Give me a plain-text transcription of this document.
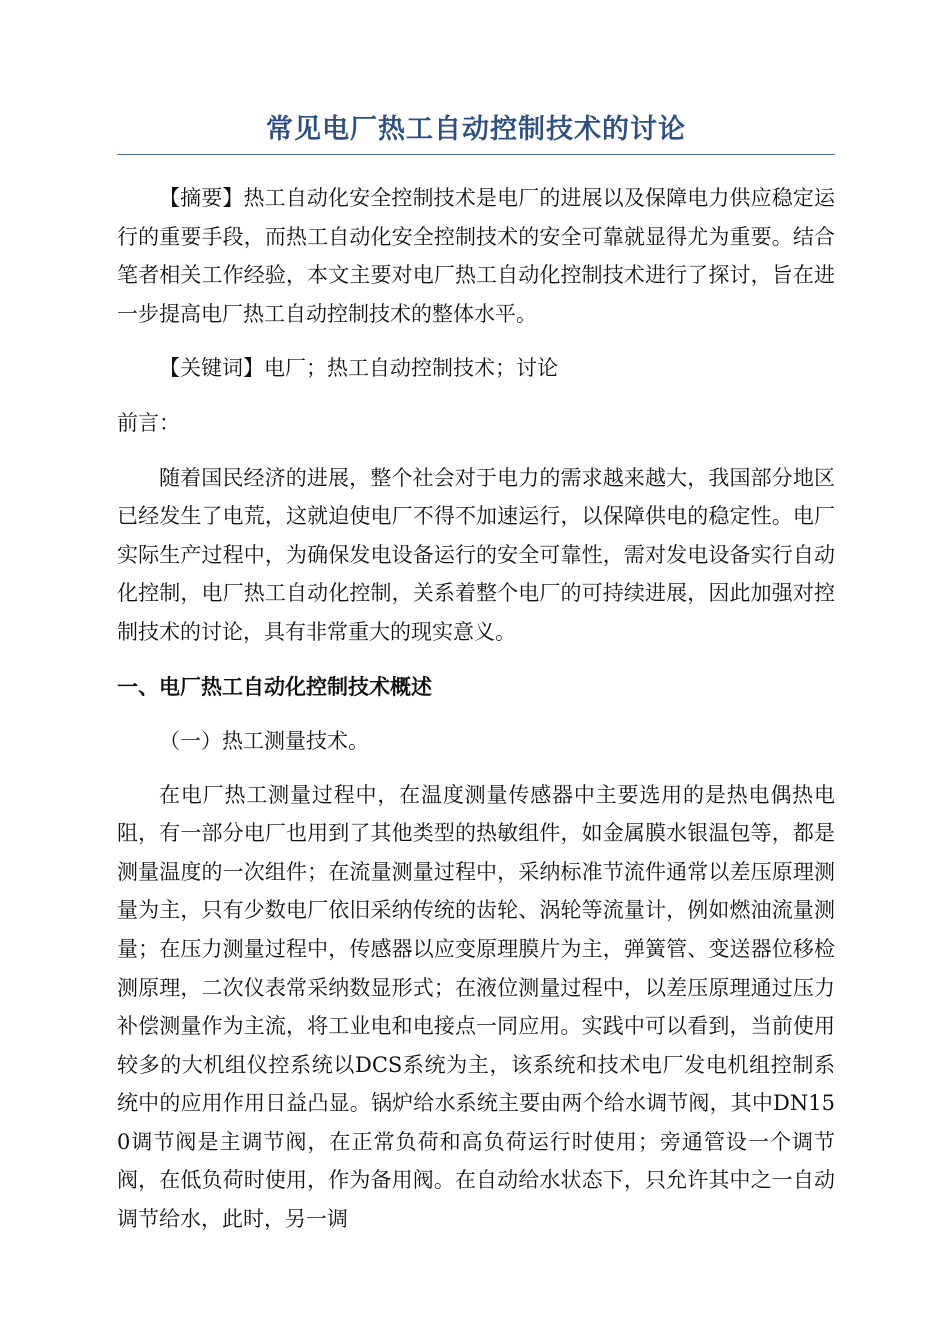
常见电厂热工自动控制技术的讨论

【摘要】热工自动化安全控制技术是电厂的进展以及保障电力供应稳定运行的重要手段，而热工自动化安全控制技术的安全可靠就显得尤为重要。结合笔者相关工作经验，本文主要对电厂热工自动化控制技术进行了探讨，旨在进一步提高电厂热工自动控制技术的整体水平。

【关键词】电厂；热工自动控制技术；讨论

前言：

随着国民经济的进展，整个社会对于电力的需求越来越大，我国部分地区已经发生了电荒，这就迫使电厂不得不加速运行，以保障供电的稳定性。电厂实际生产过程中，为确保发电设备运行的安全可靠性，需对发电设备实行自动化控制，电厂热工自动化控制，关系着整个电厂的可持续进展，因此加强对控制技术的讨论，具有非常重大的现实意义。

一、电厂热工自动化控制技术概述

（一）热工测量技术。

在电厂热工测量过程中，在温度测量传感器中主要选用的是热电偶热电阻，有一部分电厂也用到了其他类型的热敏组件，如金属膜水银温包等，都是测量温度的一次组件；在流量测量过程中，采纳标准节流件通常以差压原理测量为主，只有少数电厂依旧采纳传统的齿轮、涡轮等流量计，例如燃油流量测量；在压力测量过程中，传感器以应变原理膜片为主，弹簧管、变送器位移检测原理，二次仪表常采纳数显形式；在液位测量过程中，以差压原理通过压力补偿测量作为主流，将工业电和电接点一同应用。实践中可以看到，当前使用较多的大机组仪控系统以DCS系统为主，该系统和技术电厂发电机组控制系统中的应用作用日益凸显。锅炉给水系统主要由两个给水调节阀，其中DN150调节阀是主调节阀，在正常负荷和高负荷运行时使用；旁通管设一个调节阀，在低负荷时使用，作为备用阀。在自动给水状态下，只允许其中之一自动调节给水，此时，另一调
